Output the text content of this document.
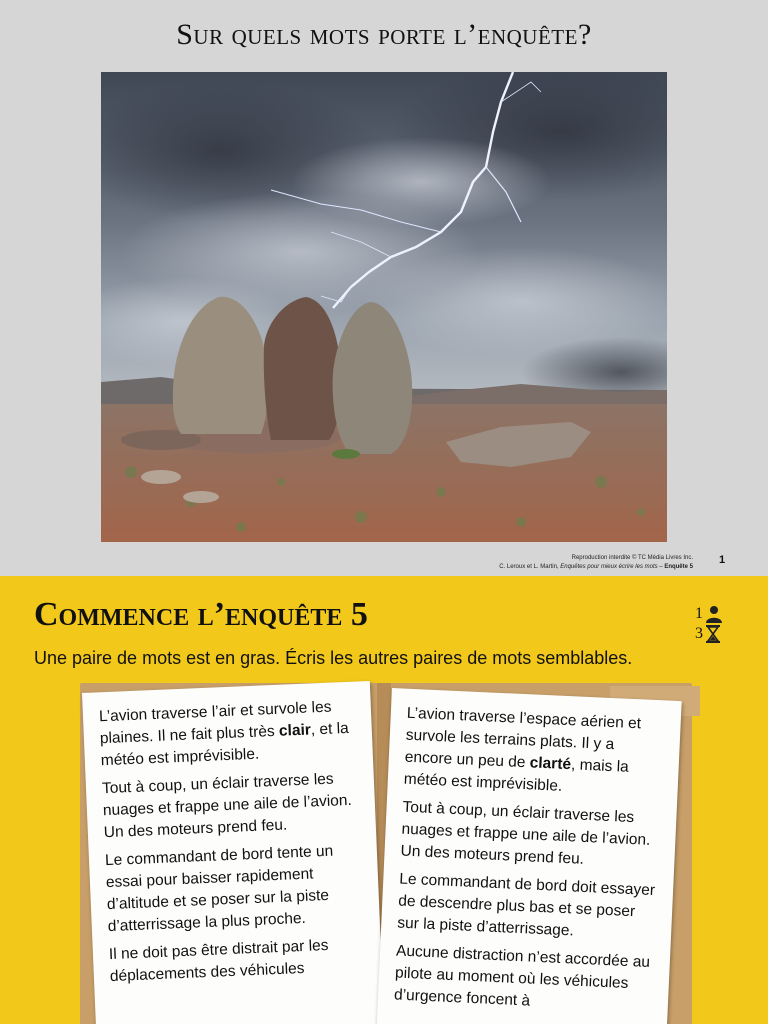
Sur quels mots porte l’enquête?
Reproduction interdite © TC Média Livres Inc.
C. Leroux et L. Martin, Enquêtes pour mieux écrire les mots – Enquête 5
1
Commence l’enquête 5	1
3
Une paire de mots est en gras. Écris les autres paires de mots semblables.

L’avion traverse l’air et survole les plaines. Il ne fait plus très clair, et la météo est imprévisible.

Tout à coup, un éclair traverse les nuages et frappe une aile de l’avion. Un des moteurs prend feu.

Le commandant de bord tente un essai pour baisser rapidement d’altitude et se poser sur la piste d’atterrissage la plus proche.

Il ne doit pas être distrait par les déplacements des véhicules

L’avion traverse l’espace aérien et survole les terrains plats. Il y a encore un peu de clarté, mais la météo est imprévisible.

Tout à coup, un éclair traverse les nuages et frappe une aile de l’avion. Un des moteurs prend feu.

Le commandant de bord doit essayer de descendre plus bas et se poser sur la piste d’atterrissage.

Aucune distraction n’est accordée au pilote au moment où les véhicules d’urgence foncent à
